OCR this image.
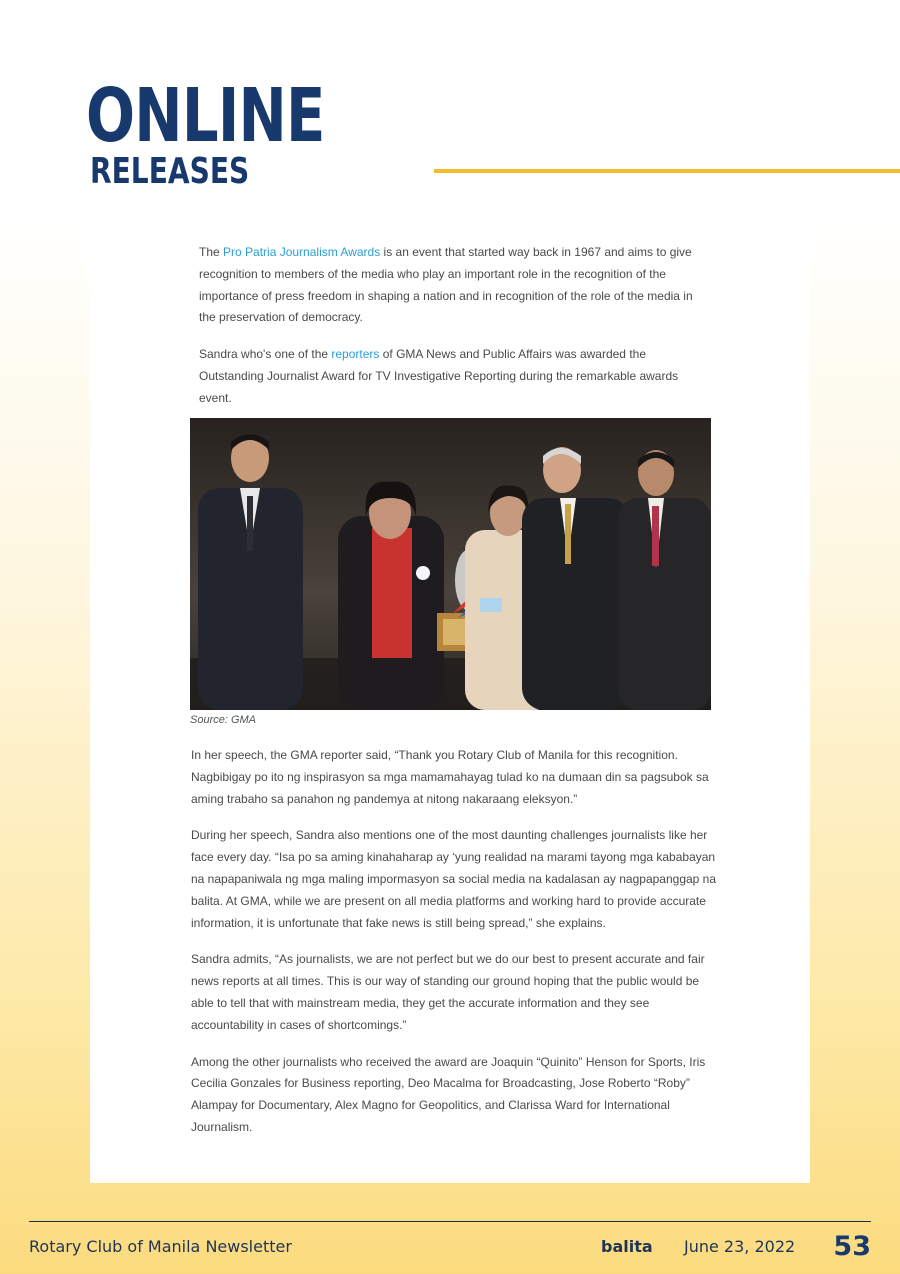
ONLINE
RELEASES

The Pro Patria Journalism Awards is an event that started way back in 1967 and aims to give recognition to members of the media who play an important role in the recognition of the importance of press freedom in shaping a nation and in recognition of the role of the media in the preservation of democracy.

Sandra who's one of the reporters of GMA News and Public Affairs was awarded the Outstanding Journalist Award for TV Investigative Reporting during the remarkable awards event.

Source: GMA

In her speech, the GMA reporter said, “Thank you Rotary Club of Manila for this recognition. Nagbibigay po ito ng inspirasyon sa mga mamamahayag tulad ko na dumaan din sa pagsubok sa aming trabaho sa panahon ng pandemya at nitong nakaraang eleksyon.”

During her speech, Sandra also mentions one of the most daunting challenges journalists like her face every day. “Isa po sa aming kinahaharap ay ‘yung realidad na marami tayong mga kababayan na napapaniwala ng mga maling impormasyon sa social media na kadalasan ay nagpapanggap na balita. At GMA, while we are present on all media platforms and working hard to provide accurate information, it is unfortunate that fake news is still being spread,” she explains.

Sandra admits, “As journalists, we are not perfect but we do our best to present accurate and fair news reports at all times. This is our way of standing our ground hoping that the public would be able to tell that with mainstream media, they get the accurate information and they see accountability in cases of shortcomings.”

Among the other journalists who received the award are Joaquin “Quinito” Henson for Sports, Iris Cecilia Gonzales for Business reporting, Deo Macalma for Broadcasting, Jose Roberto “Roby” Alampay for Documentary, Alex Magno for Geopolitics, and Clarissa Ward for International Journalism.

Rotary Club of Manila Newsletter	balita June 23, 2022 53
